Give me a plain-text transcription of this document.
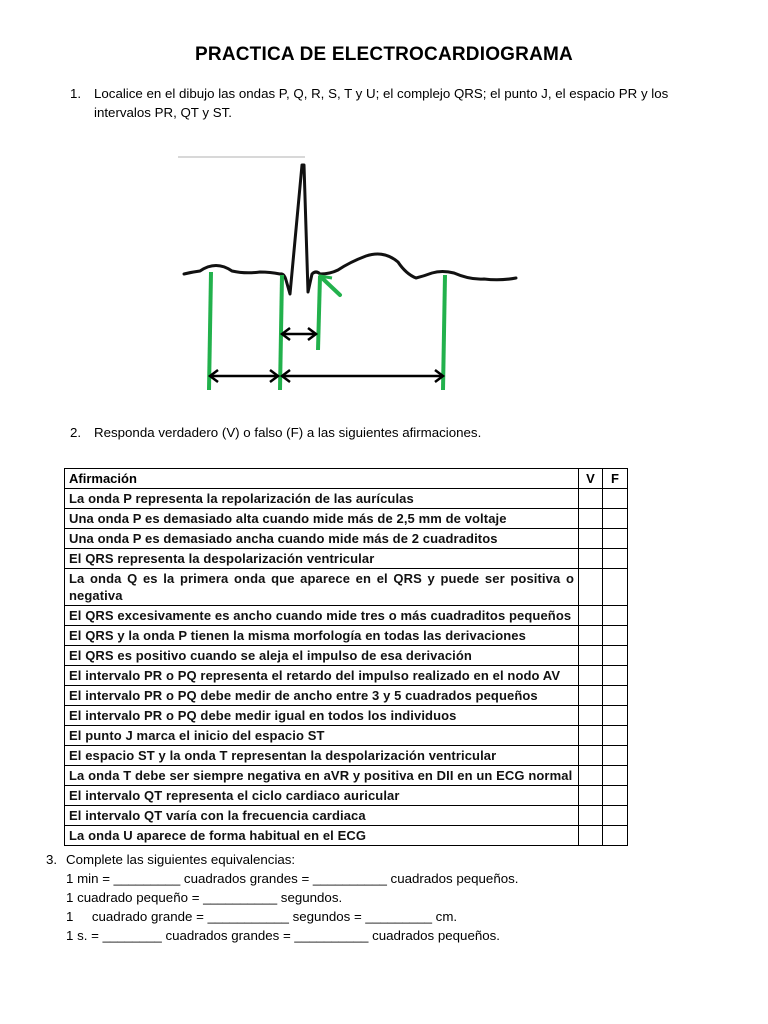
PRACTICA DE ELECTROCARDIOGRAMA
1. Localice en el dibujo las ondas P, Q, R, S, T y U; el complejo QRS; el punto J, el espacio PR y los intervalos PR, QT y ST.
2. Responda verdadero (V) o falso (F) a las siguientes afirmaciones.
Afirmación	V	F
La onda P representa la repolarización de las aurículas		
Una onda P es demasiado alta cuando mide más de 2,5 mm de voltaje		
Una onda P es demasiado ancha cuando mide más de 2 cuadraditos		
El QRS representa la despolarización ventricular		
La onda Q es la primera onda que aparece en el QRS y puede ser positiva o negativa		
El QRS excesivamente es ancho cuando mide tres o más cuadraditos pequeños		
El QRS y la onda P tienen la misma morfología en todas las derivaciones		
El QRS es positivo cuando se aleja el impulso de esa derivación		
El intervalo PR o PQ representa el retardo del impulso realizado en el nodo AV		
El intervalo PR o PQ debe medir de ancho entre 3 y 5 cuadrados pequeños		
El intervalo PR o PQ debe medir igual en todos los individuos		
El punto J marca el inicio del espacio ST		
El espacio ST y la onda T representan la despolarización ventricular		
La onda T debe ser siempre negativa en aVR y positiva en DII en un ECG normal		
El intervalo QT representa el ciclo cardiaco auricular		
El intervalo QT varía con la frecuencia cardiaca		
La onda U aparece de forma habitual en el ECG		
3. Complete las siguientes equivalencias:
1 min = _________ cuadrados grandes = __________ cuadrados pequeños.
1 cuadrado pequeño = __________ segundos.
1     cuadrado grande = ___________ segundos = _________ cm.
1 s. = ________ cuadrados grandes = __________ cuadrados pequeños.
